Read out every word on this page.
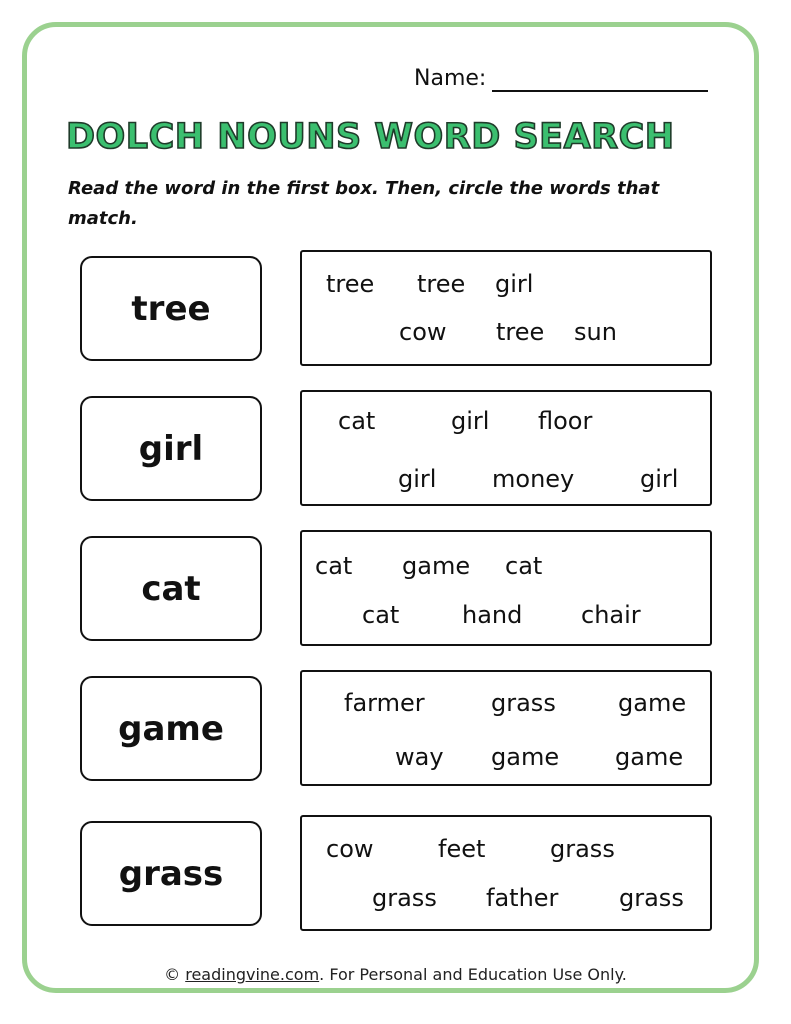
Name:
DOLCH NOUNS WORD SEARCH
Read the word in the first box. Then, circle the words that match.
tree
tree tree girl
cow tree sun
girl
cat	girl floor
girl money	girl
cat
cat game cat
cat	hand chair
game
farmer	grass	game
way game game
grass
cow	feet	grass
grass father	grass
© readingvine.com. For Personal and Education Use Only.
